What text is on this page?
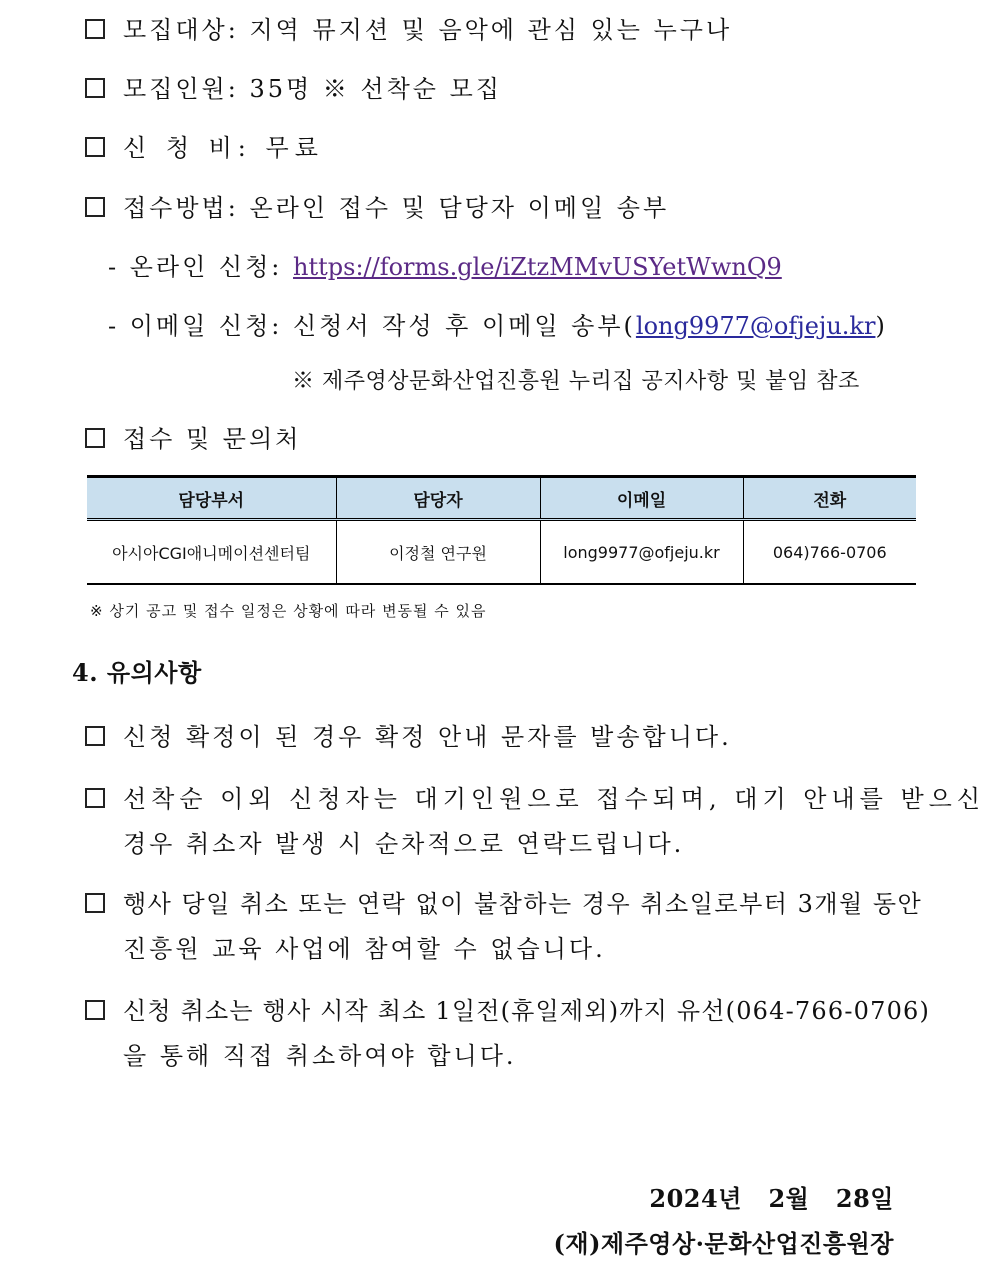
모집대상: 지역 뮤지션 및 음악에 관심 있는 누구나
모집인원: 35명 ※ 선착순 모집
신 청 비: 무료
접수방법: 온라인 접수 및 담당자 이메일 송부
- 온라인 신청: https://forms.gle/iZtzMMvUSYetWwnQ9
- 이메일 신청: 신청서 작성 후 이메일 송부(long9977@ofjeju.kr)
※ 제주영상문화산업진흥원 누리집 공지사항 및 붙임 참조
접수 및 문의처
담당부서	담당자	이메일	전화
아시아CGI애니메이션센터팀	이정철 연구원	long9977@ofjeju.kr	064)766-0706
※ 상기 공고 및 접수 일정은 상황에 따라 변동될 수 있음
4. 유의사항
신청 확정이 된 경우 확정 안내 문자를 발송합니다.
선착순 이외 신청자는 대기인원으로 접수되며, 대기 안내를 받으신
경우 취소자 발생 시 순차적으로 연락드립니다.
행사 당일 취소 또는 연락 없이 불참하는 경우 취소일로부터 3개월 동안
진흥원 교육 사업에 참여할 수 없습니다.
신청 취소는 행사 시작 최소 1일전(휴일제외)까지 유선(064-766-0706)
을 통해 직접 취소하여야 합니다.
2024년   2월   28일
(재)제주영상·문화산업진흥원장
